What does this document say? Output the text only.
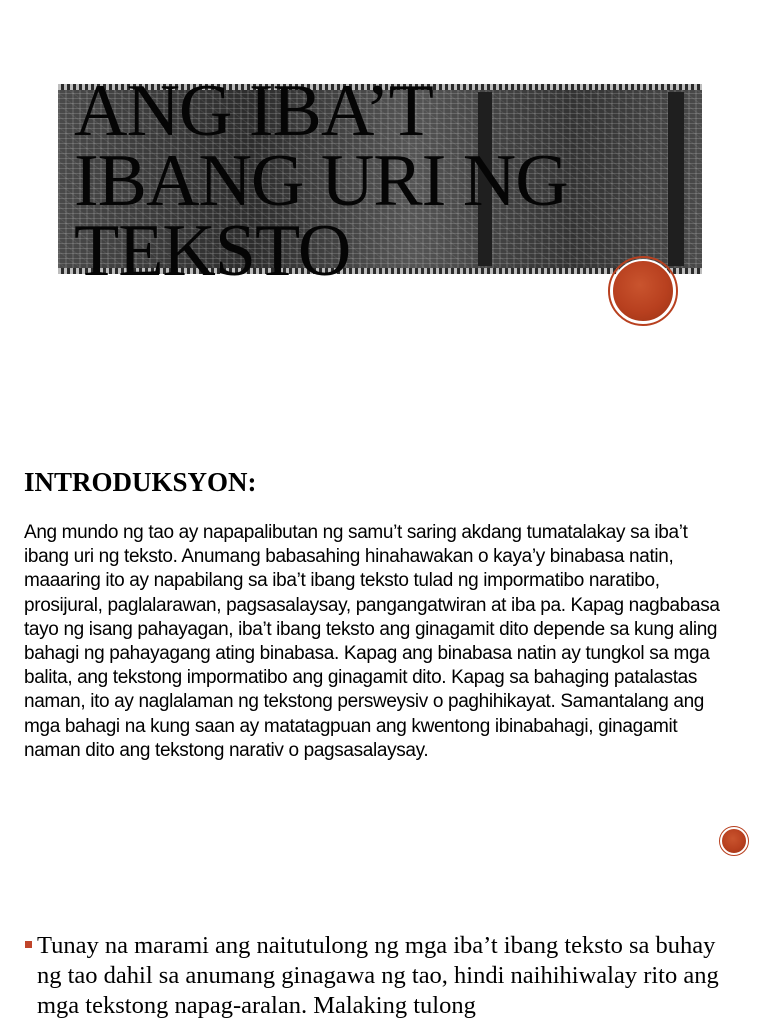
ANG IBA’T IBANG URI NG TEKSTO
INTRODUKSYON:

Ang mundo ng tao ay napapalibutan ng samu’t saring akdang tumatalakay sa iba’t ibang uri ng teksto. Anumang babasahing hinahawakan o kaya’y binabasa natin, maaaring ito ay napabilang sa iba’t ibang teksto tulad ng impormatibo naratibo, prosijural, paglalarawan, pagsasalaysay, pangangatwiran at iba pa. Kapag nagbabasa tayo ng isang pahayagan, iba’t ibang teksto ang ginagamit dito depende sa kung aling bahagi ng pahayagang ating binabasa. Kapag ang binabasa natin ay tungkol sa mga balita, ang tekstong impormatibo ang ginagamit dito. Kapag sa bahaging patalastas naman, ito ay naglalaman ng tekstong persweysiv o paghihikayat. Samantalang ang mga bahagi na kung saan ay matatagpuan ang kwentong ibinabahagi, ginagamit naman dito ang tekstong narativ o pagsasalaysay.

Tunay na marami ang naitutulong ng mga iba’t ibang teksto sa buhay ng tao dahil sa anumang ginagawa ng tao, hindi naihihiwalay rito ang mga tekstong napag-aralan. Malaking tulong
